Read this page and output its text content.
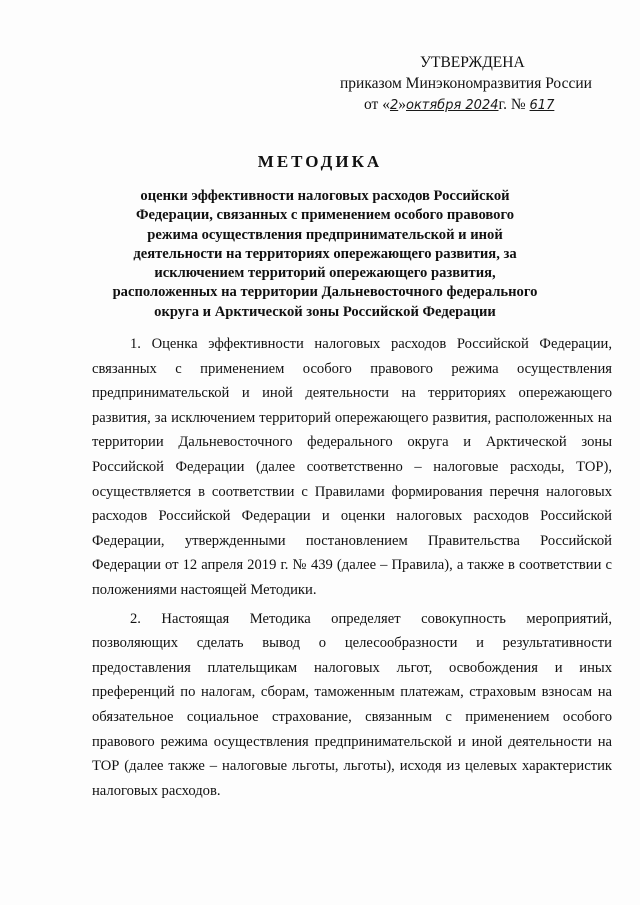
УТВЕРЖДЕНА
приказом Минэкономразвития России
от «2»октября 2024г. № 617
МЕТОДИКА
оценки эффективности налоговых расходов Российской Федерации, связанных с применением особого правового режима осуществления предпринимательской и иной деятельности на территориях опережающего развития, за исключением территорий опережающего развития, расположенных на территории Дальневосточного федерального округа и Арктической зоны Российской Федерации

1. Оценка эффективности налоговых расходов Российской Федерации, связанных с применением особого правового режима осуществления предпринимательской и иной деятельности на территориях опережающего развития, за исключением территорий опережающего развития, расположенных на территории Дальневосточного федерального округа и Арктической зоны Российской Федерации (далее соответственно – налоговые расходы, ТОР), осуществляется в соответствии с Правилами формирования перечня налоговых расходов Российской Федерации и оценки налоговых расходов Российской Федерации, утвержденными постановлением Правительства Российской Федерации от 12 апреля 2019 г. № 439 (далее – Правила), а также в соответствии с положениями настоящей Методики.

2. Настоящая Методика определяет совокупность мероприятий, позволяющих сделать вывод о целесообразности и результативности предоставления плательщикам налоговых льгот, освобождения и иных преференций по налогам, сборам, таможенным платежам, страховым взносам на обязательное социальное страхование, связанным с применением особого правового режима осуществления предпринимательской и иной деятельности на ТОР (далее также – налоговые льготы, льготы), исходя из целевых характеристик налоговых расходов.
